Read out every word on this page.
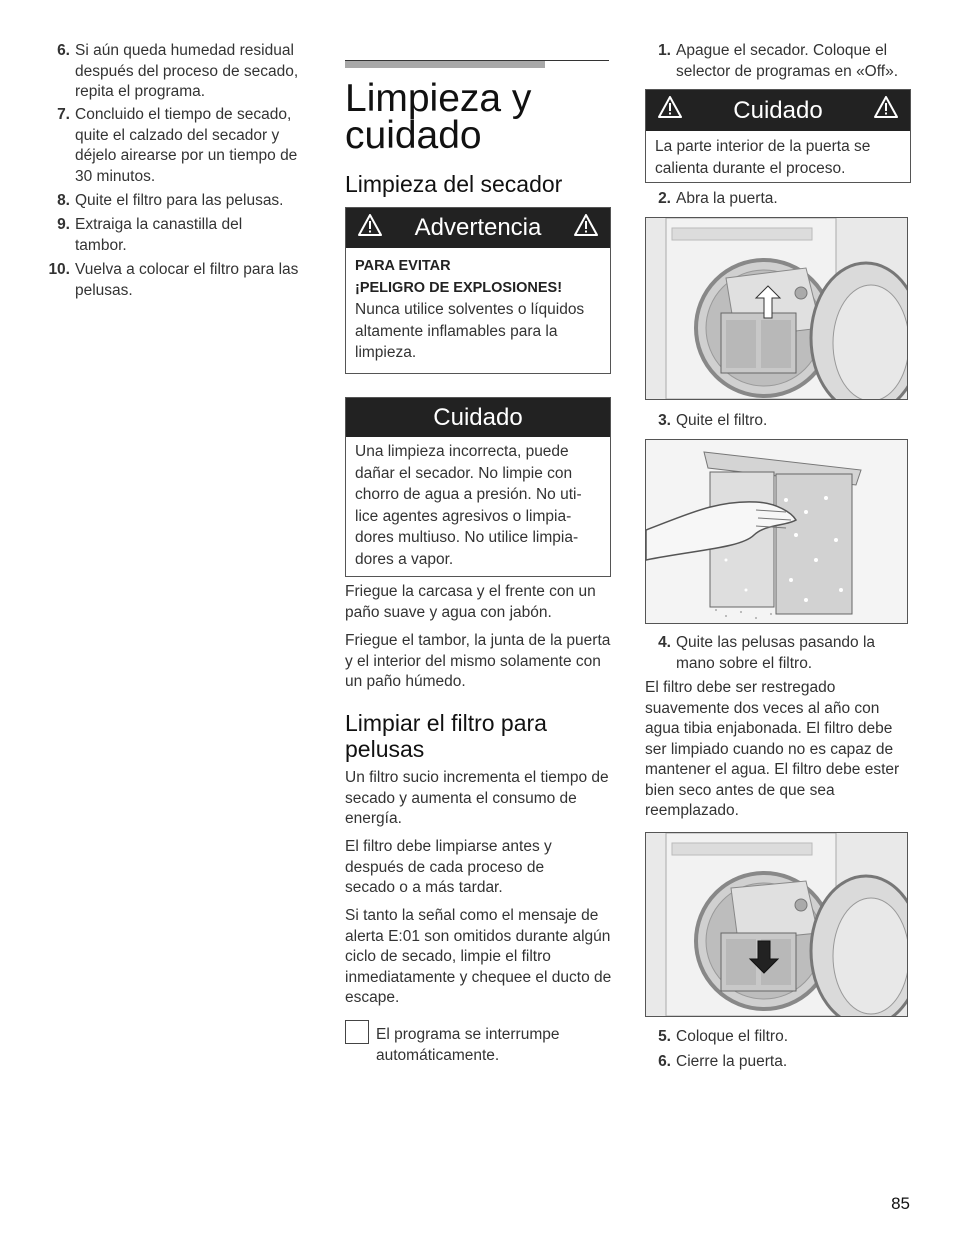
6. Si aún queda humedad residual después del proceso de secado, repita el programa.
7. Concluido el tiempo de secado, quite el calzado del secador y déjelo airearse por un tiempo de 30 minutos.
8. Quite el filtro para las pelusas.
9. Extraiga la canastilla del tambor.
10. Vuelva a colocar el filtro para las pelusas.
Limpieza y
cuidado
Limpieza del secador
Advertencia
PARA EVITAR
¡PELIGRO DE EXPLOSIONES!
Nunca utilice solventes o líquidos altamente inflamables para la limpieza.
Cuidado
Una limpieza incorrecta, puede dañar el secador. No limpie con chorro de agua a presión. No uti- lice agentes agresivos o limpia- dores multiuso. No utilice limpia- dores a vapor.

Friegue la carcasa y el frente con un paño suave y agua con jabón.

Friegue el tambor, la junta de la puerta y el interior del mismo solamente con un paño húmedo.

Limpiar el filtro para pelusas

Un filtro sucio incrementa el tiempo de secado y aumenta el consumo de energía.

El filtro debe limpiarse antes y después de cada proceso de secado o a más tardar.

Si tanto la señal como el mensaje de alerta E:01 son omitidos durante algún ciclo de secado, limpie el filtro inmediatamente y chequee el ducto de escape.

El programa se interrumpe automáticamente.

1. Apague el secador. Coloque el selector de programas en «Off».
Cuidado
La parte interior de la puerta se calienta durante el proceso.
2. Abra la puerta.
3. Quite el filtro.
4. Quite las pelusas pasando la mano sobre el filtro.

El filtro debe ser restregado suavemente dos veces al año con agua tibia enjabonada. El filtro debe ser limpiado cuando no es capaz de mantener el agua. El filtro debe ester bien seco antes de que sea reemplazado.

5. Coloque el filtro.
6. Cierre la puerta.
85
